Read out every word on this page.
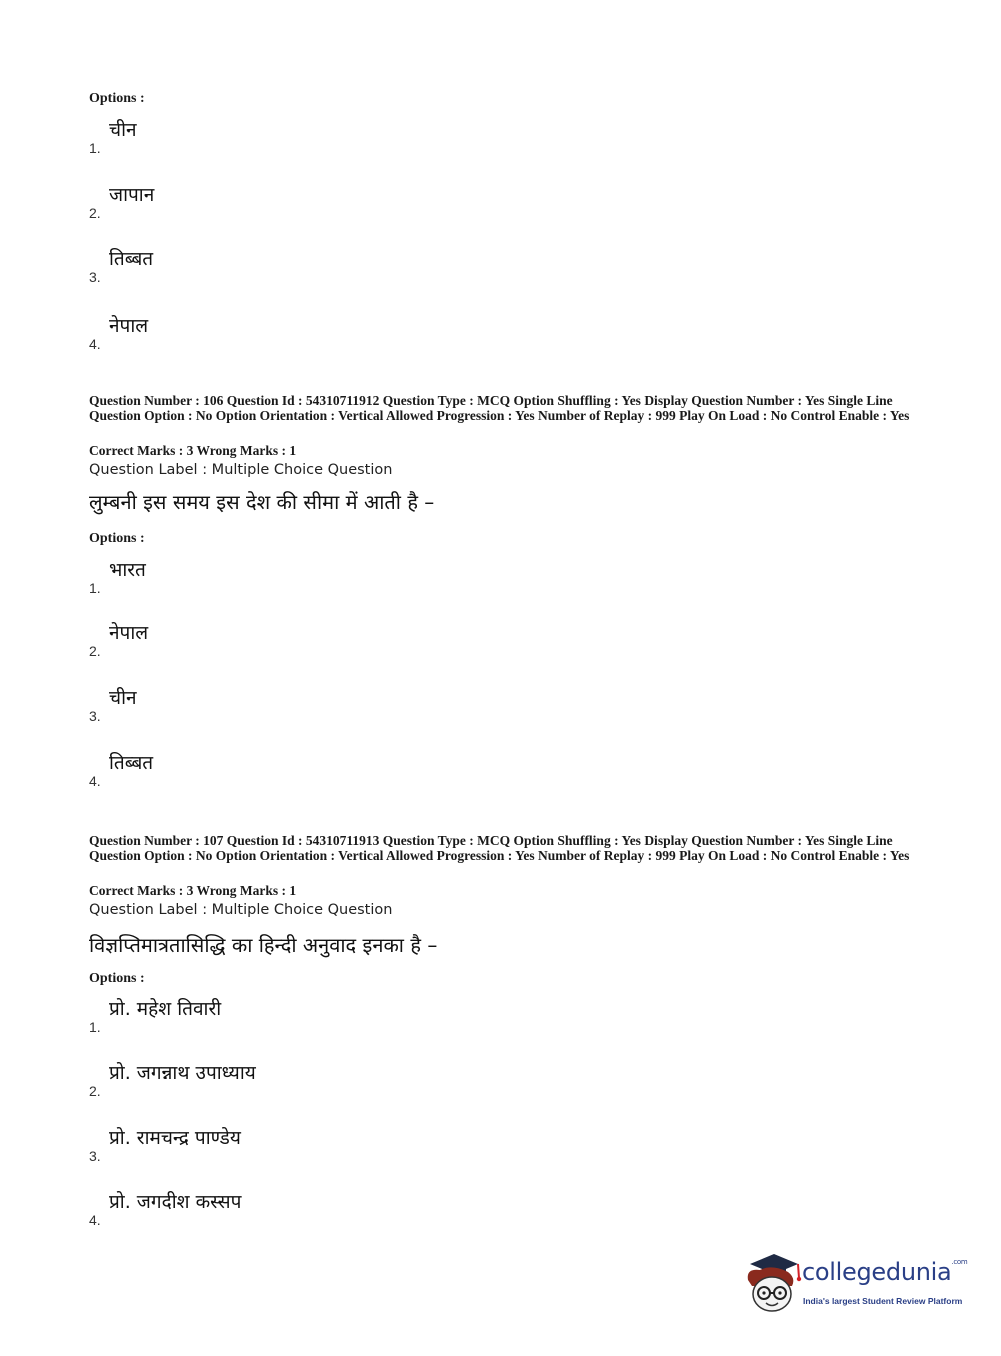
Options :
1.
चीन
2.
जापान
3.
तिब्बत
4.
नेपाल
Question Number : 106 Question Id : 54310711912 Question Type : MCQ Option Shuffling : Yes Display Question Number : Yes Single Line Question Option : No Option Orientation : Vertical Allowed Progression : Yes Number of Replay : 999 Play On Load : No Control Enable : Yes
Correct Marks : 3 Wrong Marks : 1
Question Label : Multiple Choice Question
लुम्बनी इस समय इस देश की सीमा में आती है –
Options :
1.
भारत
2.
नेपाल
3.
चीन
4.
तिब्बत
Question Number : 107 Question Id : 54310711913 Question Type : MCQ Option Shuffling : Yes Display Question Number : Yes Single Line Question Option : No Option Orientation : Vertical Allowed Progression : Yes Number of Replay : 999 Play On Load : No Control Enable : Yes
Correct Marks : 3 Wrong Marks : 1
Question Label : Multiple Choice Question
विज्ञप्तिमात्रतासिद्धि का हिन्दी अनुवाद इनका है –
Options :
1.
प्रो. महेश तिवारी
2.
प्रो. जगन्नाथ उपाध्याय
3.
प्रो. रामचन्द्र पाण्डेय
4.
प्रो. जगदीश कस्सप
collegedunia$^{.com}$
India's largest Student Review Platform
